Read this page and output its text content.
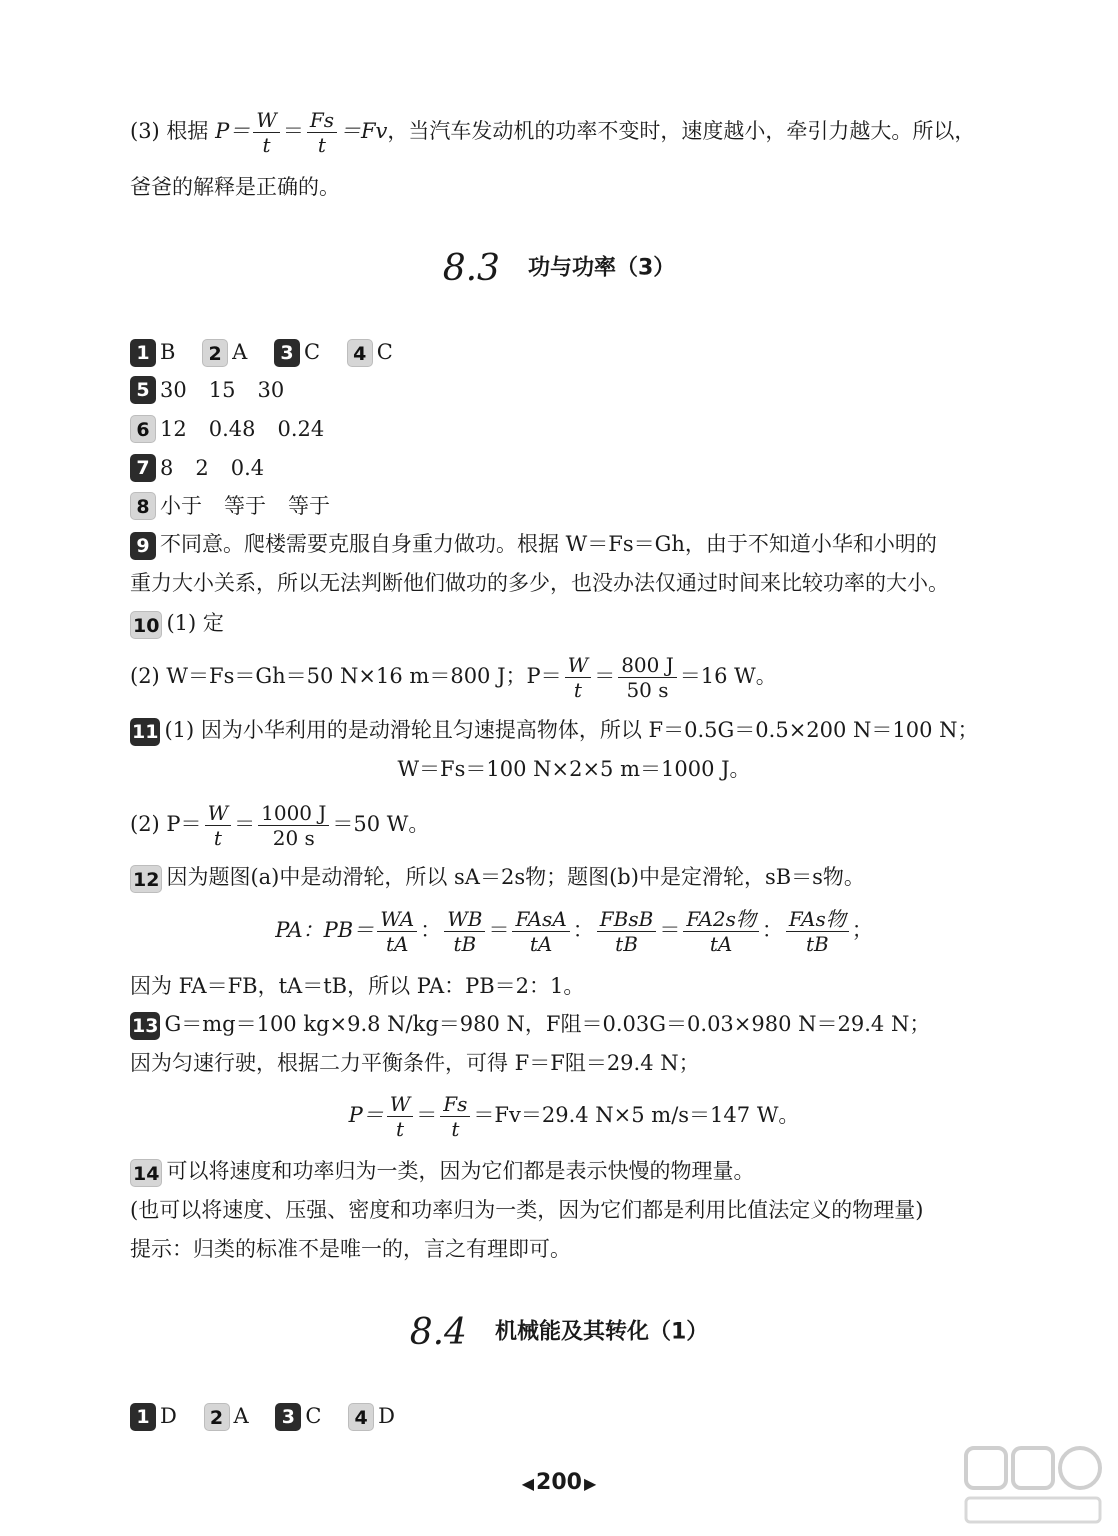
(3) 根据 $P= \frac{W}{t} = \frac{Fs}{t} =Fv$，当汽车发动机的功率不变时，速度越小，牵引力越大。所以，
爸爸的解释是正确的。
8.3 功与功率（3）
1 B 2 A 3 C 4 C
5 30 15 30
6 12 0.48 0.24
7 8 2 0.4
8 小于 等于 等于
9 不同意。爬楼需要克服自身重力做功。根据 W＝Fs＝Gh，由于不知道小华和小明的
重力大小关系，所以无法判断他们做功的多少，也没办法仅通过时间来比较功率的大小。
10 (1) 定
(2) W＝Fs＝Gh＝50 N×16 m＝800 J；$P= \frac{W}{t} = \frac{800 J}{50 s} =16$ W。
11 (1) 因为小华利用的是动滑轮且匀速提高物体，所以 F＝0.5G＝0.5×200 N＝100 N；
W＝Fs＝100 N×2×5 m＝1000 J。
(2) $P= \frac{W}{t} = \frac{1000 J}{20 s} =50$ W。
12 因为题图(a)中是动滑轮，所以 sA＝2s物；题图(b)中是定滑轮，sB＝s物。
PA：$PB= \frac{WA}{tA}$ ： $\frac{WB}{tB} = \frac{\text{FAsA}}{tA}$ ： $\frac{\text{FBsB}}{tB} = \frac{\text{FA2s物}}{tA}$ ： $\frac{\text{FAs物}}{tB}$ ；
因为 FA＝FB，tA＝tB，所以 PA：PB＝2：1。
13 G＝mg＝100 kg×9.8 N/kg＝980 N，F阻＝0.03G＝0.03×980 N＝29.4 N；
因为匀速行驶，根据二力平衡条件，可得 F＝F阻＝29.4 N；
$P= \frac{W}{t} = \frac{Fs}{t} =Fv=29.4$ N×5 m/s＝147 W。
14 可以将速度和功率归为一类，因为它们都是表示快慢的物理量。
(也可以将速度、压强、密度和功率归为一类，因为它们都是利用比值法定义的物理量)
提示：归类的标准不是唯一的，言之有理即可。
8.4 机械能及其转化（1）
1 D 2 A 3 C 4 D
◀200 ▶
